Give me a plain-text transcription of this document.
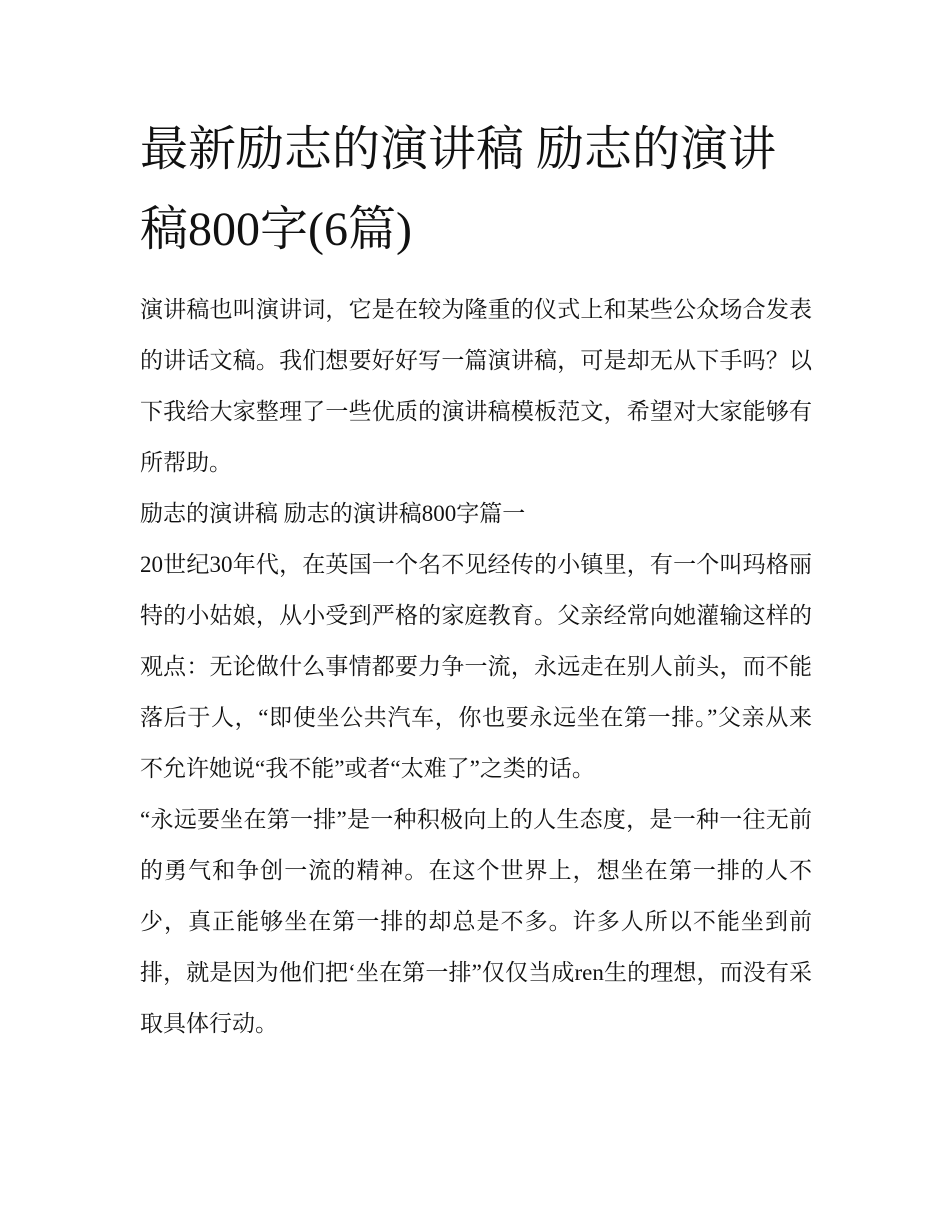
最新励志的演讲稿 励志的演讲稿800字(6篇)

演讲稿也叫演讲词，它是在较为隆重的仪式上和某些公众场合发表的讲话文稿。我们想要好好写一篇演讲稿，可是却无从下手吗？以下我给大家整理了一些优质的演讲稿模板范文，希望对大家能够有所帮助。

励志的演讲稿 励志的演讲稿800字篇一

20世纪30年代，在英国一个名不见经传的小镇里，有一个叫玛格丽特的小姑娘，从小受到严格的家庭教育。父亲经常向她灌输这样的观点：无论做什么事情都要力争一流，永远走在别人前头，而不能落后于人，“即使坐公共汽车，你也要永远坐在第一排。”父亲从来不允许她说“我不能”或者“太难了”之类的话。

“永远要坐在第一排”是一种积极向上的人生态度，是一种一往无前的勇气和争创一流的精神。在这个世界上，想坐在第一排的人不少，真正能够坐在第一排的却总是不多。许多人所以不能坐到前排，就是因为他们把‘坐在第一排”仅仅当成ren生的理想，而没有采取具体行动。
